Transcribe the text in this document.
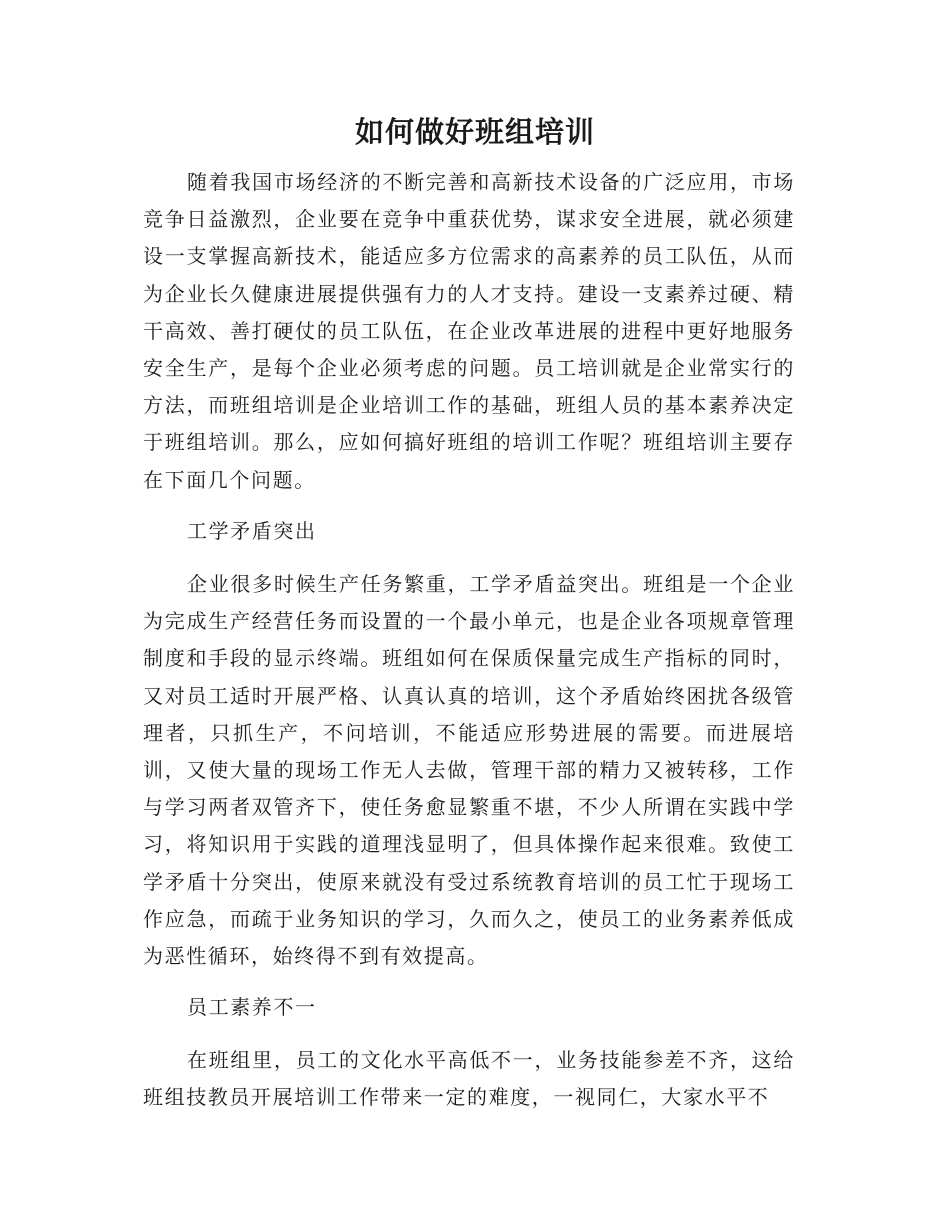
如何做好班组培训

随着我国市场经济的不断完善和高新技术设备的广泛应用，市场竞争日益激烈，企业要在竞争中重获优势，谋求安全进展，就必须建设一支掌握高新技术，能适应多方位需求的高素养的员工队伍，从而为企业长久健康进展提供强有力的人才支持。建设一支素养过硬、精干高效、善打硬仗的员工队伍，在企业改革进展的进程中更好地服务安全生产，是每个企业必须考虑的问题。员工培训就是企业常实行的方法，而班组培训是企业培训工作的基础，班组人员的基本素养决定于班组培训。那么，应如何搞好班组的培训工作呢？班组培训主要存在下面几个问题。

工学矛盾突出

企业很多时候生产任务繁重，工学矛盾益突出。班组是一个企业为完成生产经营任务而设置的一个最小单元，也是企业各项规章管理制度和手段的显示终端。班组如何在保质保量完成生产指标的同时，又对员工适时开展严格、认真认真的培训，这个矛盾始终困扰各级管理者，只抓生产，不问培训，不能适应形势进展的需要。而进展培训，又使大量的现场工作无人去做，管理干部的精力又被转移，工作与学习两者双管齐下，使任务愈显繁重不堪，不少人所谓在实践中学习，将知识用于实践的道理浅显明了，但具体操作起来很难。致使工学矛盾十分突出，使原来就没有受过系统教育培训的员工忙于现场工作应急，而疏于业务知识的学习，久而久之，使员工的业务素养低成为恶性循环，始终得不到有效提高。

员工素养不一

在班组里，员工的文化水平高低不一，业务技能参差不齐，这给班组技教员开展培训工作带来一定的难度，一视同仁，大家水平不
